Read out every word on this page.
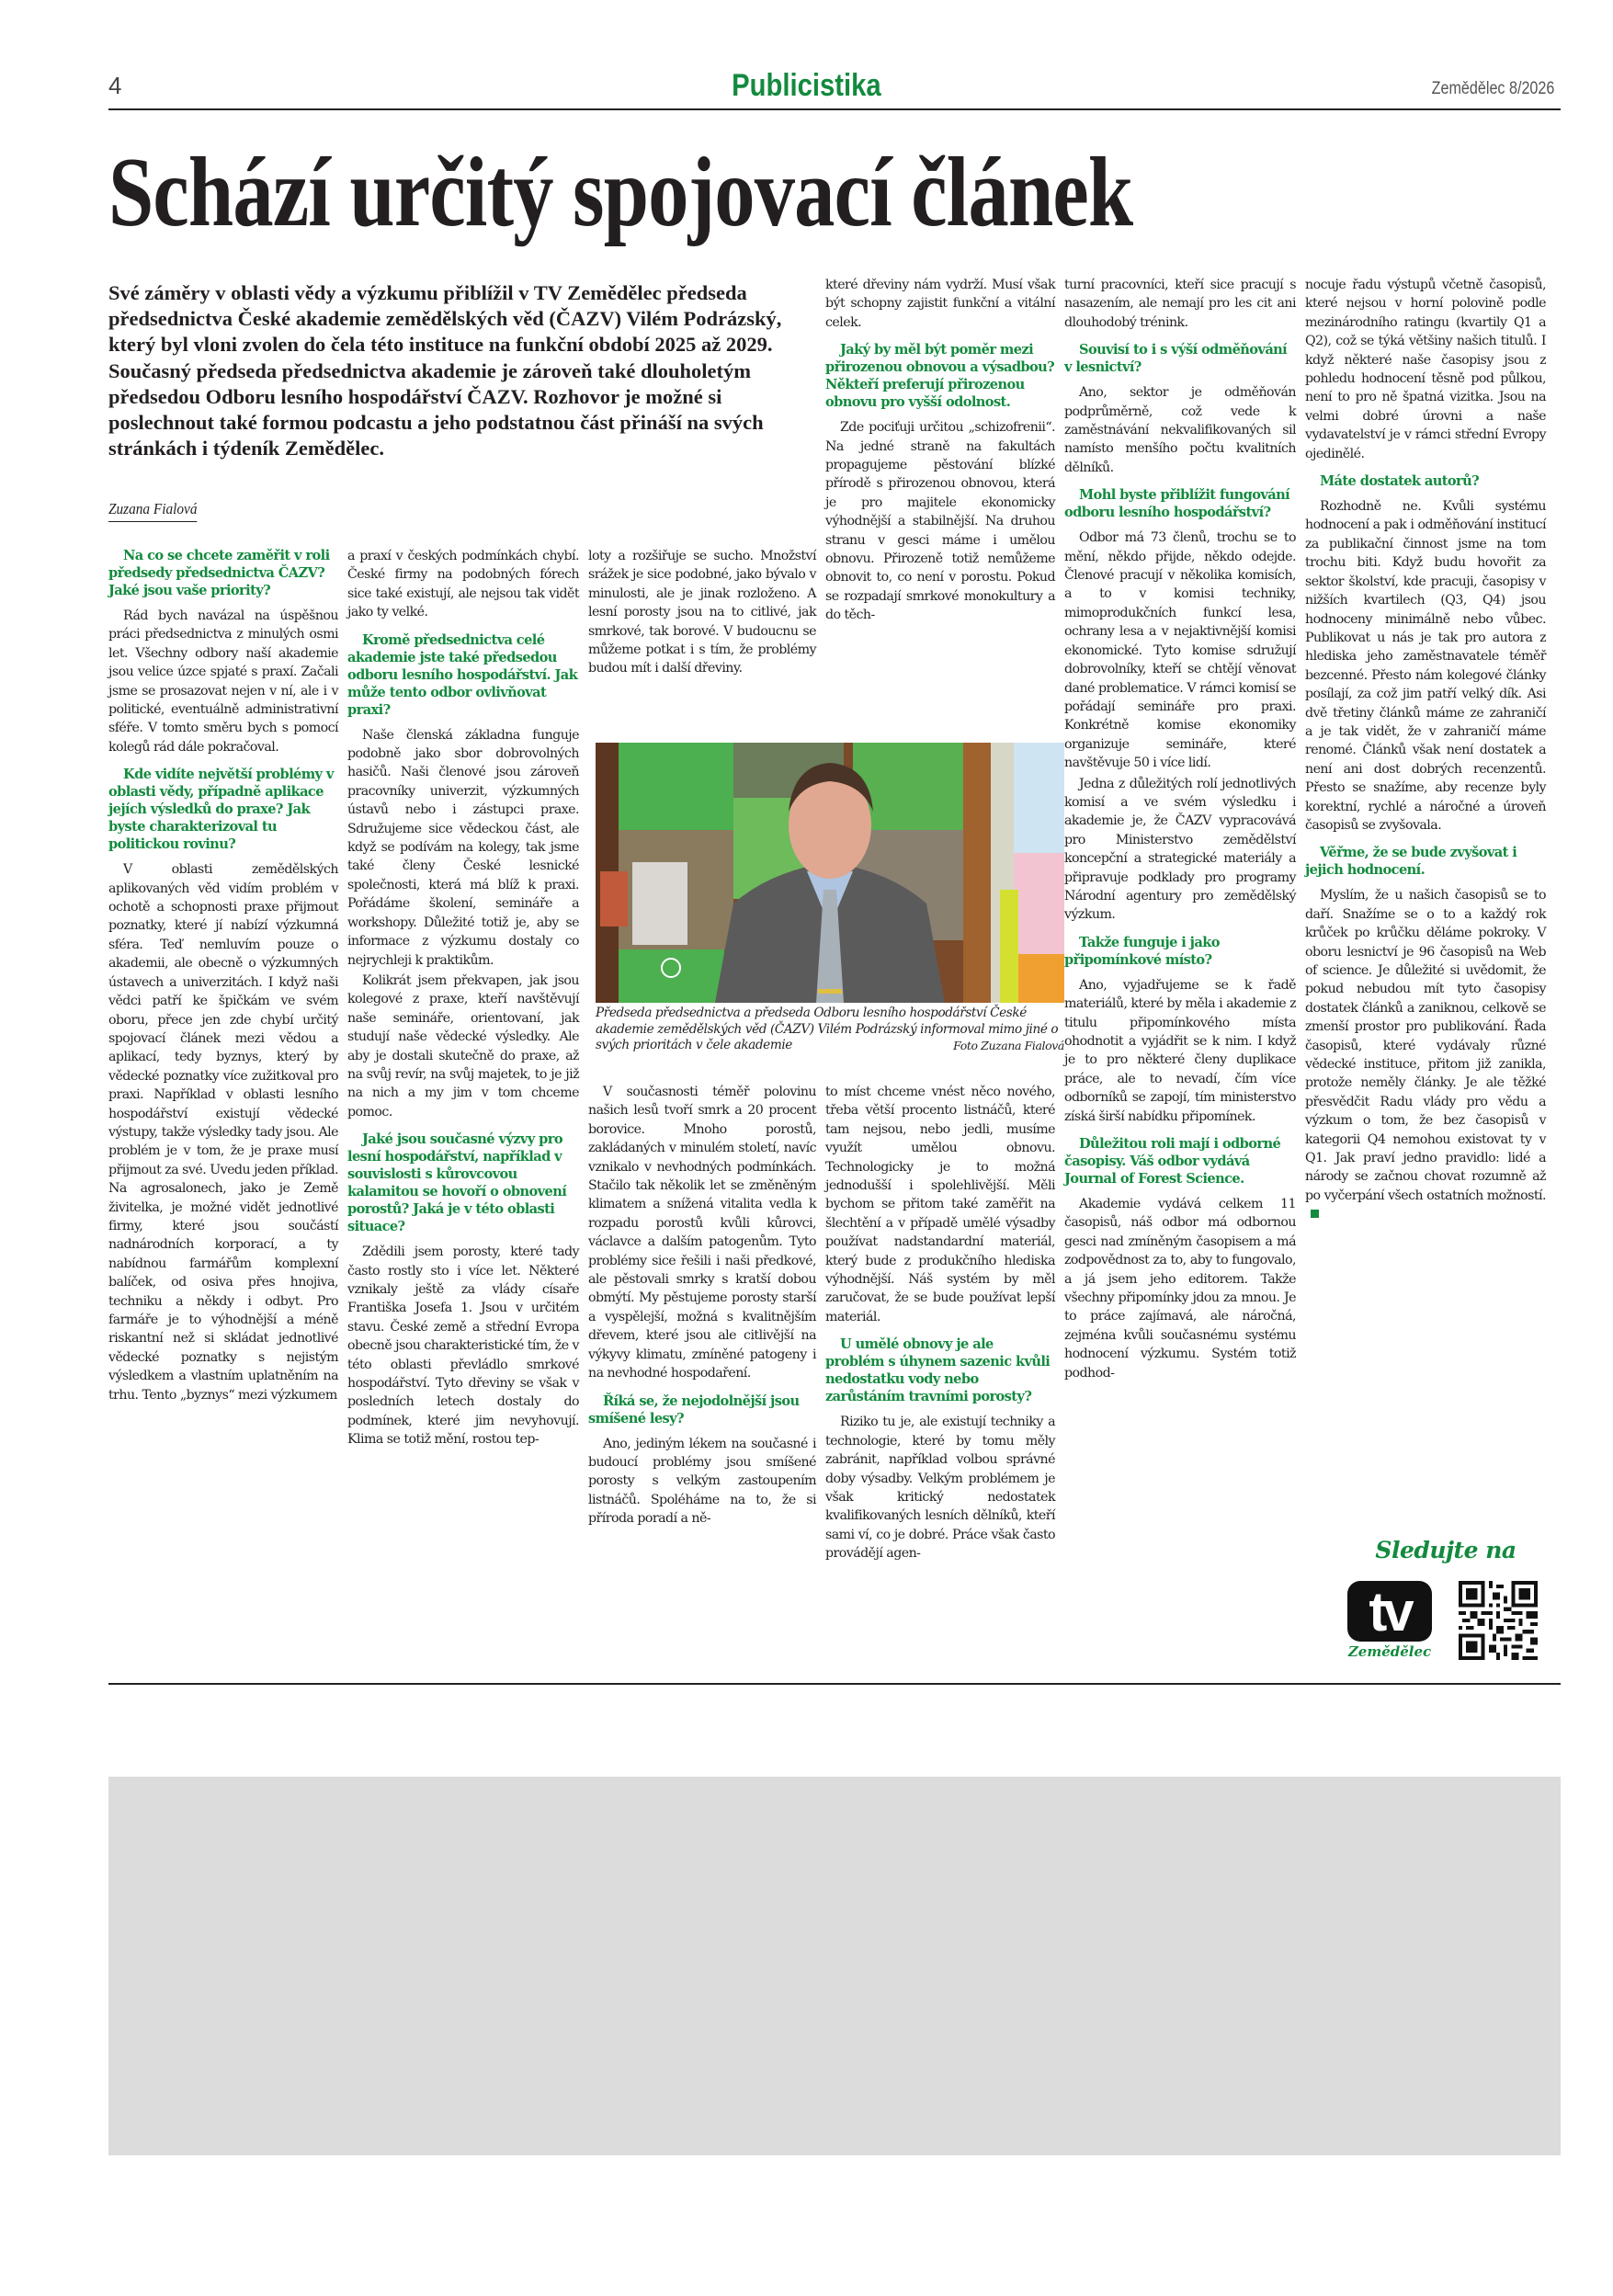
4	Publicistika	Zemědělec 8/2026
Schází určitý spojovací článek
Své záměry v oblasti vědy a výzkumu přiblížil v TV Zemědělec předseda předsednictva České akademie zemědělských věd (ČAZV) Vilém Podrázský, který byl vloni zvolen do čela této instituce na funkční období 2025 až 2029. Současný předseda předsednictva akademie je zároveň také dlouholetým předsedou Odboru lesního hospodářství ČAZV. Rozhovor je možné si poslechnout také formou podcastu a jeho podstatnou část přináší na svých stránkách i týdeník Zemědělec.
Zuzana Fialová
Na co se chcete zaměřit v roli předsedy předsednictva ČAZV? Jaké jsou vaše priority?

Rád bych navázal na úspěšnou práci předsednictva z minulých osmi let. Všechny odbory naší akademie jsou velice úzce spjaté s praxí. Začali jsme se prosazovat nejen v ní, ale i v politické, eventuálně administrativní sféře. V tomto směru bych s pomocí kolegů rád dále pokračoval.

Kde vidíte největší problémy v oblasti vědy, případně aplikace jejích výsledků do praxe? Jak byste charakterizoval tu politickou rovinu?

V oblasti zemědělských aplikovaných věd vidím problém v ochotě a schopnosti praxe přijmout poznatky, které jí nabízí výzkumná sféra. Teď nemluvím pouze o akademii, ale obecně o výzkumných ústavech a univerzitách. I když naši vědci patří ke špičkám ve svém oboru, přece jen zde chybí určitý spojovací článek mezi vědou a aplikací, tedy byznys, který by vědecké poznatky více zužitkoval pro praxi. Například v oblasti lesního hospodářství existují vědecké výstupy, takže výsledky tady jsou. Ale problém je v tom, že je praxe musí přijmout za své. Uvedu jeden příklad. Na agrosalonech, jako je Země živitelka, je možné vidět jednotlivé firmy, které jsou součástí nadnárodních korporací, a ty nabídnou farmářům komplexní balíček, od osiva přes hnojiva, techniku a někdy i odbyt. Pro farmáře je to výhodnější a méně riskantní než si skládat jednotlivé vědecké poznatky s nejistým výsledkem a vlastním uplatněním na trhu. Tento „byznys“ mezi výzkumem

a praxí v českých podmínkách chybí. České firmy na podobných fórech sice také existují, ale nejsou tak vidět jako ty velké.

Kromě předsednictva celé akademie jste také předsedou odboru lesního hospodářství. Jak může tento odbor ovlivňovat praxi?

Naše členská základna funguje podobně jako sbor dobrovolných hasičů. Naši členové jsou zároveň pracovníky univerzit, výzkumných ústavů nebo i zástupci praxe. Sdružujeme sice vědeckou část, ale když se podívám na kolegy, tak jsme také členy České lesnické společnosti, která má blíž k praxi. Pořádáme školení, semináře a workshopy. Důležité totiž je, aby se informace z výzkumu dostaly co nejrychleji k praktikům.

Kolikrát jsem překvapen, jak jsou kolegové z praxe, kteří navštěvují naše semináře, orientovaní, jak studují naše vědecké výsledky. Ale aby je dostali skutečně do praxe, až na svůj revír, na svůj majetek, to je již na nich a my jim v tom chceme pomoc.

Jaké jsou současné výzvy pro lesní hospodářství, například v souvislosti s kůrovcovou kalamitou se hovoří o obnovení porostů? Jaká je v této oblasti situace?

Zdědili jsem porosty, které tady často rostly sto i více let. Některé vznikaly ještě za vlády císaře Františka Josefa 1. Jsou v určitém stavu. České země a střední Evropa obecně jsou charakteristické tím, že v této oblasti převládlo smrkové hospodářství. Tyto dřeviny se však v posledních letech dostaly do podmínek, které jim nevyhovují. Klima se totiž mění, rostou tep-

loty a rozšiřuje se sucho. Množství srážek je sice podobné, jako bývalo v minulosti, ale je jinak rozloženo. A lesní porosty jsou na to citlivé, jak smrkové, tak borové. V budoucnu se můžeme potkat i s tím, že problémy budou mít i další dřeviny.

které dřeviny nám vydrží. Musí však být schopny zajistit funkční a vitální celek.

Jaký by měl být poměr mezi přirozenou obnovou a výsadbou? Někteří preferují přirozenou obnovu pro vyšší odolnost.

Zde pociťuji určitou „schizofrenii“. Na jedné straně na fakultách propagujeme pěstování blízké přírodě s přirozenou obnovou, která je pro majitele ekonomicky výhodnější a stabilnější. Na druhou stranu v gesci máme i umělou obnovu. Přirozeně totiž nemůžeme obnovit to, co není v porostu. Pokud se rozpadají smrkové monokultury a do těch-

Předseda předsednictva a předseda Odboru lesního hospodářství České akademie zemědělských věd (ČAZV) Vilém Podrázský informoval mimo jiné o svých prioritách v čele akademie	Foto Zuzana Fialová

V současnosti téměř polovinu našich lesů tvoří smrk a 20 procent borovice. Mnoho porostů, zakládaných v minulém století, navíc vznikalo v nevhodných podmínkách. Stačilo tak několik let se změněným klimatem a snížená vitalita vedla k rozpadu porostů kvůli kůrovci, václavce a dalším patogenům. Tyto problémy sice řešili i naši předkové, ale pěstovali smrky s kratší dobou obmýtí. My pěstujeme porosty starší a vyspělejší, možná s kvalitnějším dřevem, které jsou ale citlivější na výkyvy klimatu, zmíněné patogeny i na nevhodné hospodaření.

Říká se, že nejodolnější jsou smíšené lesy?

Ano, jediným lékem na současné i budoucí problémy jsou smíšené porosty s velkým zastoupením listnáčů. Spoléháme na to, že si příroda poradí a ně-

to míst chceme vnést něco nového, třeba větší procento listnáčů, které tam nejsou, nebo jedli, musíme využít umělou obnovu. Technologicky je to možná jednodušší i spolehlivější. Měli bychom se přitom také zaměřit na šlechtění a v případě umělé výsadby používat nadstandardní materiál, který bude z produkčního hlediska výhodnější. Náš systém by měl zaručovat, že se bude používat lepší materiál.

U umělé obnovy je ale problém s úhynem sazenic kvůli nedostatku vody nebo zarůstáním travními porosty?

Riziko tu je, ale existují techniky a technologie, které by tomu měly zabránit, například volbou správné doby výsadby. Velkým problémem je však kritický nedostatek kvalifikovaných lesních dělníků, kteří sami ví, co je dobré. Práce však často provádějí agen-

turní pracovníci, kteří sice pracují s nasazením, ale nemají pro les cit ani dlouhodobý trénink.

Souvisí to i s výší odměňování v lesnictví?

Ano, sektor je odměňován podprůměrně, což vede k zaměstnávání nekvalifikovaných sil namísto menšího počtu kvalitních dělníků.

Mohl byste přiblížit fungování odboru lesního hospodářství?

Odbor má 73 členů, trochu se to mění, někdo přijde, někdo odejde. Členové pracují v několika komisích, a to v komisi techniky, mimoprodukčních funkcí lesa, ochrany lesa a v nejaktivnější komisi ekonomické. Tyto komise sdružují dobrovolníky, kteří se chtějí věnovat dané problematice. V rámci komisí se pořádají semináře pro praxi. Konkrétně komise ekonomiky organizuje semináře, které navštěvuje 50 i více lidí.

Jedna z důležitých rolí jednotlivých komisí a ve svém výsledku i akademie je, že ČAZV vypracovává pro Ministerstvo zemědělství koncepční a strategické materiály a připravuje podklady pro programy Národní agentury pro zemědělský výzkum.

Takže funguje i jako připomínkové místo?

Ano, vyjadřujeme se k řadě materiálů, které by měla i akademie z titulu připomínkového místa ohodnotit a vyjádřit se k nim. I když je to pro některé členy duplikace práce, ale to nevadí, čím více odborníků se zapojí, tím ministerstvo získá širší nabídku připomínek.

Důležitou roli mají i odborné časopisy. Váš odbor vydává Journal of Forest Science.

Akademie vydává celkem 11 časopisů, náš odbor má odbornou gesci nad zmíněným časopisem a má zodpovědnost za to, aby to fungovalo, a já jsem jeho editorem. Takže všechny připomínky jdou za mnou. Je to práce zajímavá, ale náročná, zejména kvůli současnému systému hodnocení výzkumu. Systém totiž podhod-

nocuje řadu výstupů včetně časopisů, které nejsou v horní polovině podle mezinárodního ratingu (kvartily Q1 a Q2), což se týká většiny našich titulů. I když některé naše časopisy jsou z pohledu hodnocení těsně pod půlkou, není to pro ně špatná vizitka. Jsou na velmi dobré úrovni a naše vydavatelství je v rámci střední Evropy ojedinělé.

Máte dostatek autorů?

Rozhodně ne. Kvůli systému hodnocení a pak i odměňování institucí za publikační činnost jsme na tom trochu biti. Když budu hovořit za sektor školství, kde pracuji, časopisy v nižších kvartilech (Q3, Q4) jsou hodnoceny minimálně nebo vůbec. Publikovat u nás je tak pro autora z hlediska jeho zaměstnavatele téměř bezcenné. Přesto nám kolegové články posílají, za což jim patří velký dík. Asi dvě třetiny článků máme ze zahraničí a je tak vidět, že v zahraničí máme renomé. Článků však není dostatek a není ani dost dobrých recenzentů. Přesto se snažíme, aby recenze byly korektní, rychlé a náročné a úroveň časopisů se zvyšovala.

Věřme, že se bude zvyšovat i jejich hodnocení.

Myslím, že u našich časopisů se to daří. Snažíme se o to a každý rok krůček po krůčku děláme pokroky. V oboru lesnictví je 96 časopisů na Web of science. Je důležité si uvědomit, že pokud nebudou mít tyto časopisy dostatek článků a zaniknou, celkově se zmenší prostor pro publikování. Řada časopisů, které vydávaly různé vědecké instituce, přitom již zanikla, protože neměly články. Je ale těžké přesvědčit Radu vlády pro vědu a výzkum o tom, že bez časopisů v kategorii Q4 nemohou existovat ty v Q1. Jak praví jedno pravidlo: lidé a národy se začnou chovat rozumně až po vyčerpání všech ostatních možností.

Sledujte na
tv
Zemědělec
